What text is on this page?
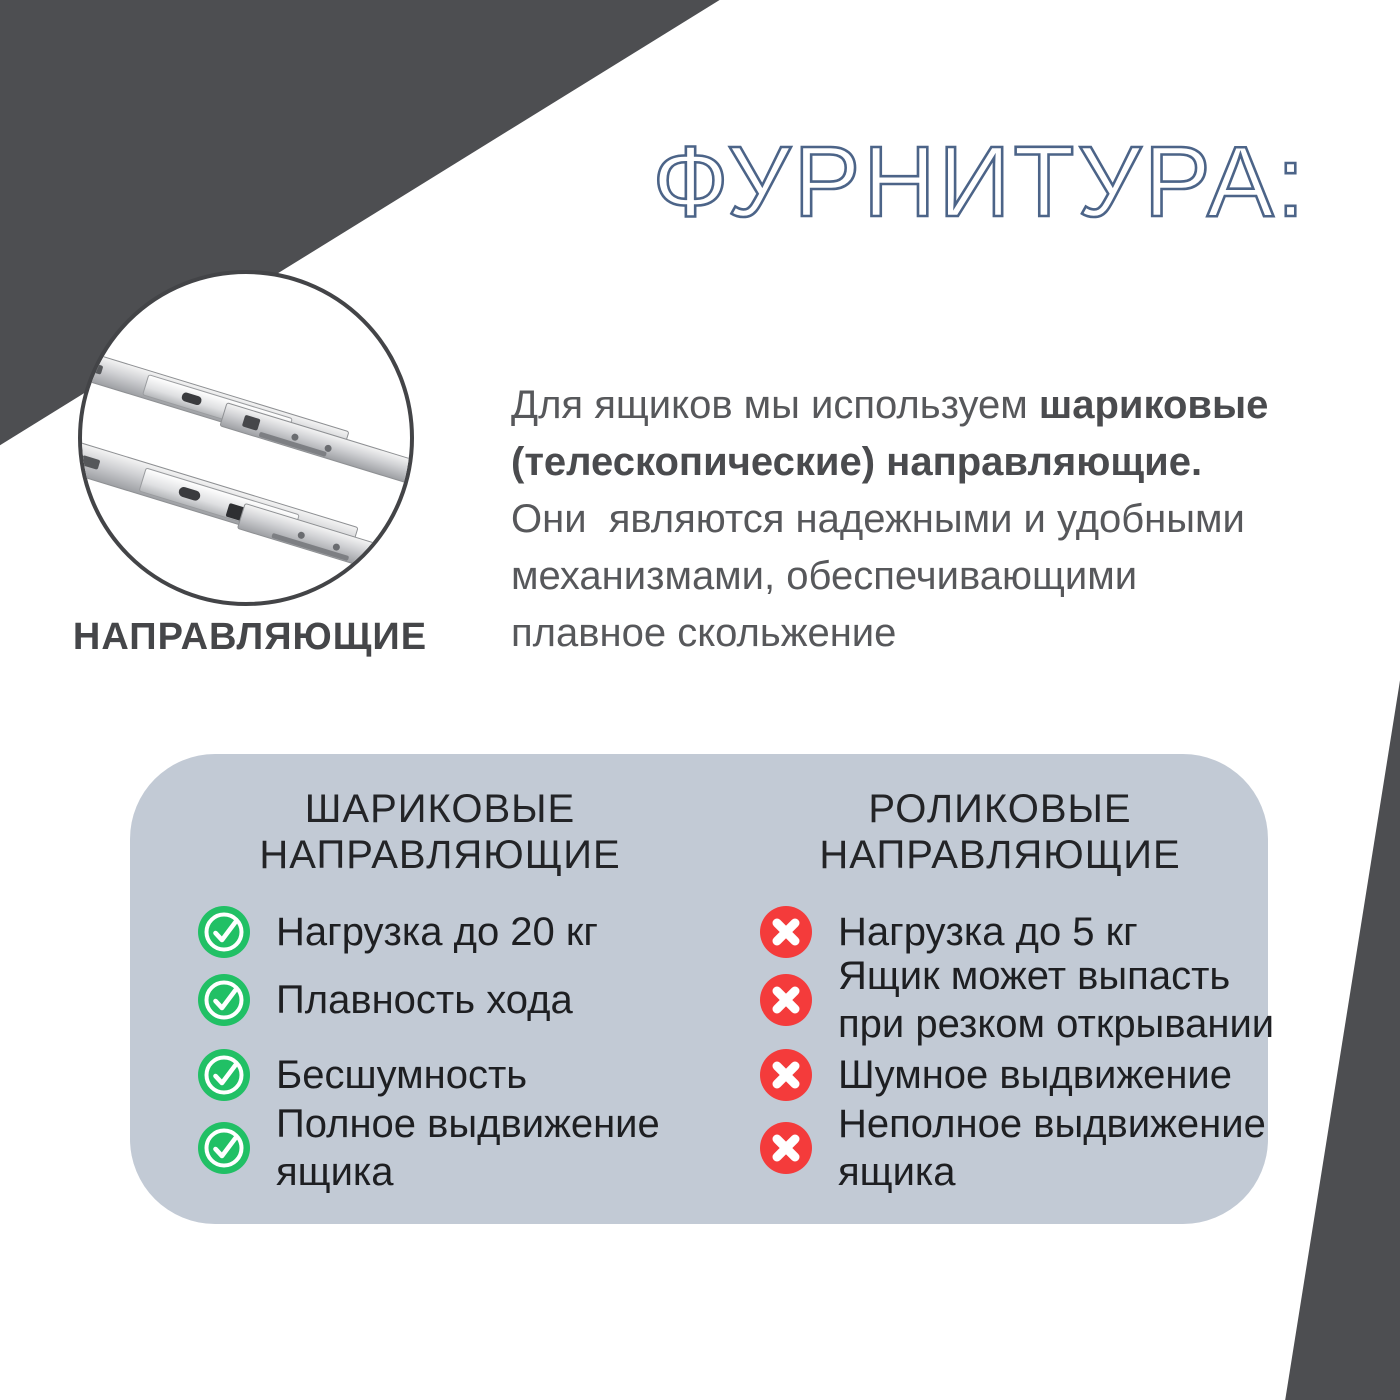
ФУРНИТУРА:
НАПРАВЛЯЮЩИЕ
Для ящиков мы используем шариковые
(телескопические) направляющие.
Они  являются надежными и удобными
механизмами, обеспечивающими
плавное скольжение
ШАРИКОВЫЕ
НАПРАВЛЯЮЩИЕ
РОЛИКОВЫЕ
НАПРАВЛЯЮЩИЕ
Нагрузка до 20 кг
Плавность хода
Бесшумность
Полное выдвижение
ящика
Нагрузка до 5 кг
Ящик может выпасть
при резком открывании
Шумное выдвижение
Неполное выдвижение
ящика
